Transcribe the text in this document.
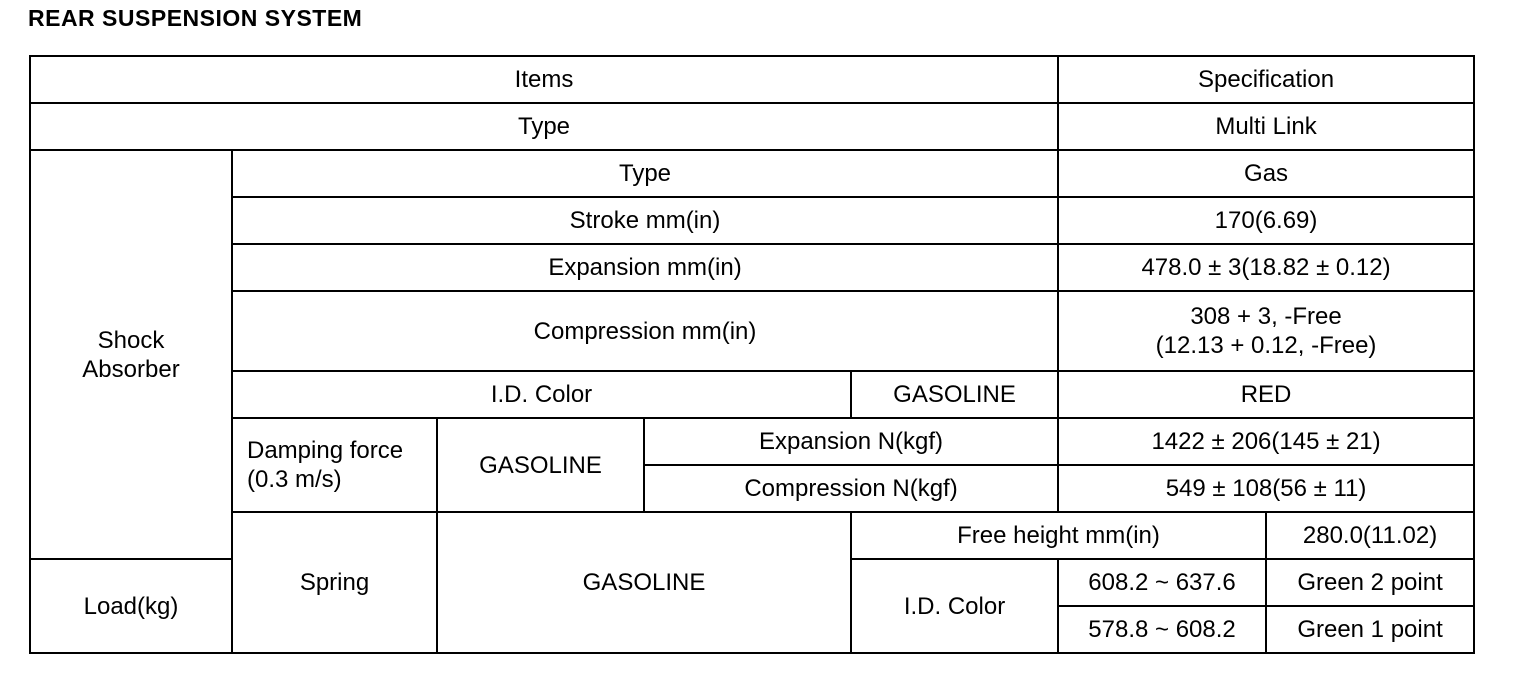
REAR SUSPENSION SYSTEM
Items					Specification	
Type					Multi Link	

Shock
Absorber	Type				Gas	
	Stroke mm(in)				170(6.69)	
	Expansion mm(in)				478.0 ± 3(18.82 ± 0.12)	
	Compression mm(in)				308 + 3, -Free
(12.13 + 0.12, -Free)	

	I.D. Color			GASOLINE	RED	

	Damping force
(0.3 m/s)	GASOLINE	Expansion N(kgf)		1422 ± 206(145 ± 21)	
			Compression N(kgf)		549 ± 108(56 ± 11)	
	Spring	GASOLINE		Free height mm(in)		280.0(11.02)
Load(kg)				I.D. Color	608.2 ~ 637.6	Green 2 point
					578.8 ~ 608.2	Green 1 point
